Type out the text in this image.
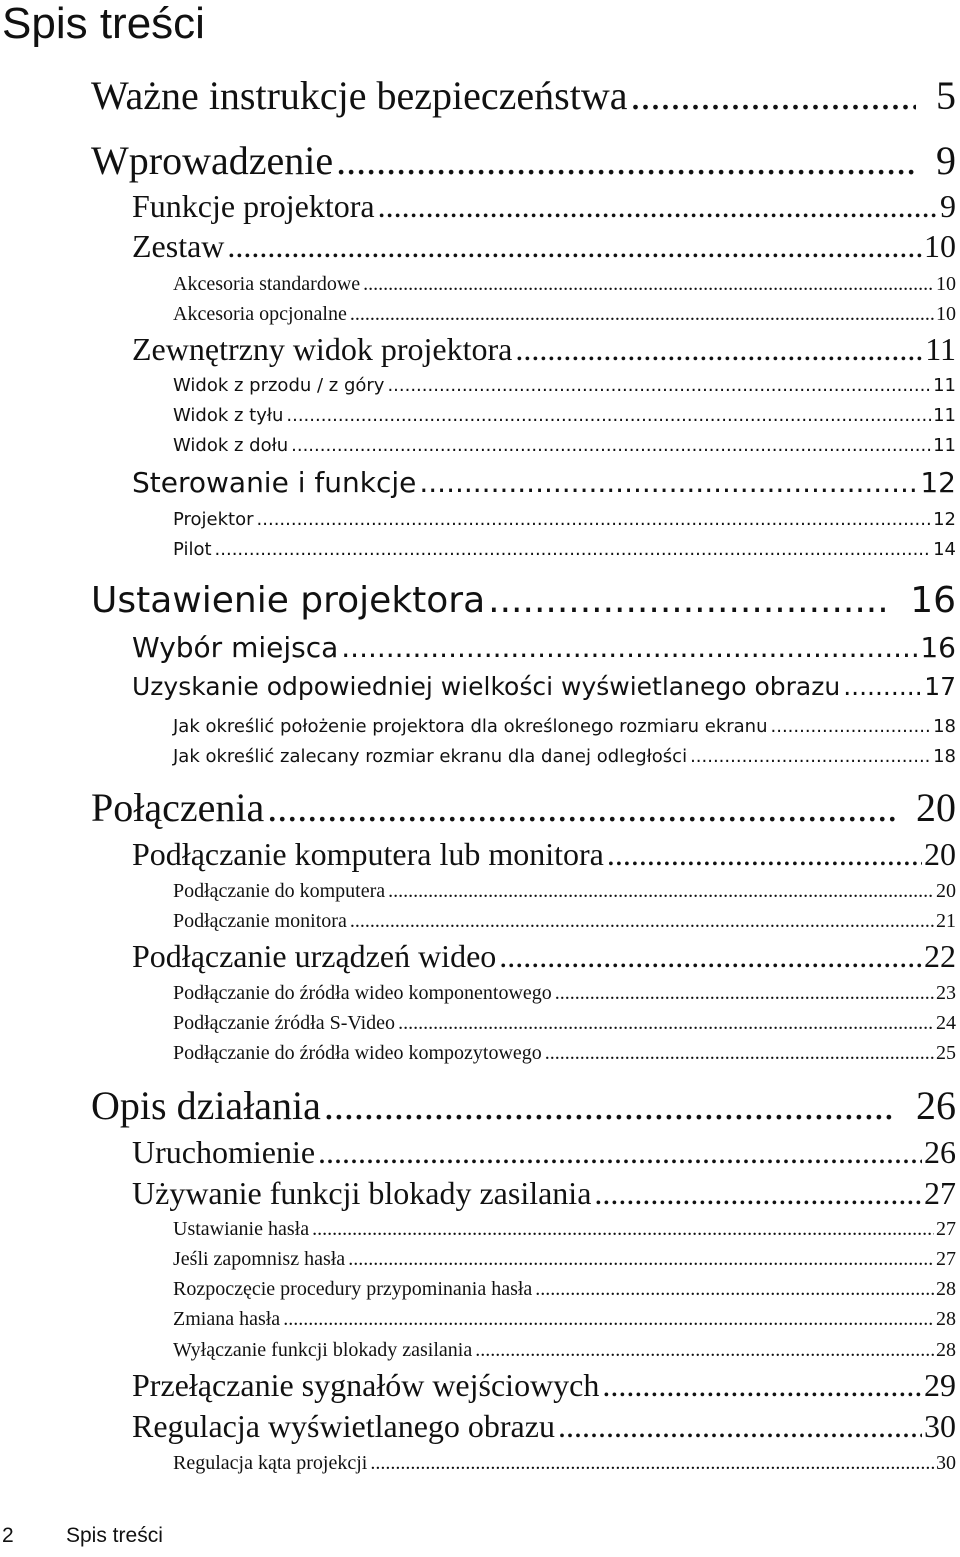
Spis treści
Ważne instrukcje bezpieczeństwa .....	5
Wprowadzenie .....	9
Funkcje projektora .....	9
Zestaw .....	10
Akcesoria standardowe .....	10
Akcesoria opcjonalne .....	10
Zewnętrzny widok projektora .....	11
Widok z przodu / z góry .....	11
Widok z tyłu .....	11
Widok z dołu .....	11
Sterowanie i funkcje .....	12
Projektor .....	12
Pilot .....	14
Ustawienie projektora .....	16
Wybór miejsca .....	16
Uzyskanie odpowiedniej wielkości wyświetlanego obrazu .....	17
Jak określić położenie projektora dla określonego rozmiaru ekranu .....	18
Jak określić zalecany rozmiar ekranu dla danej odległości .....	18
Połączenia .....	20
Podłączanie komputera lub monitora .....	20
Podłączanie do komputera .....	20
Podłączanie monitora .....	21
Podłączanie urządzeń wideo .....	22
Podłączanie do źródła wideo komponentowego .....	23
Podłączanie źródła S-Video .....	24
Podłączanie do źródła wideo kompozytowego .....	25
Opis działania .....	26
Uruchomienie .....	26
Używanie funkcji blokady zasilania .....	27
Ustawianie hasła .....	27
Jeśli zapomnisz hasła .....	27
Rozpoczęcie procedury przypominania hasła .....	28
Zmiana hasła .....	28
Wyłączanie funkcji blokady zasilania .....	28
Przełączanie sygnałów wejściowych .....	29
Regulacja wyświetlanego obrazu .....	30
Regulacja kąta projekcji .....	30
2 Spis treści
